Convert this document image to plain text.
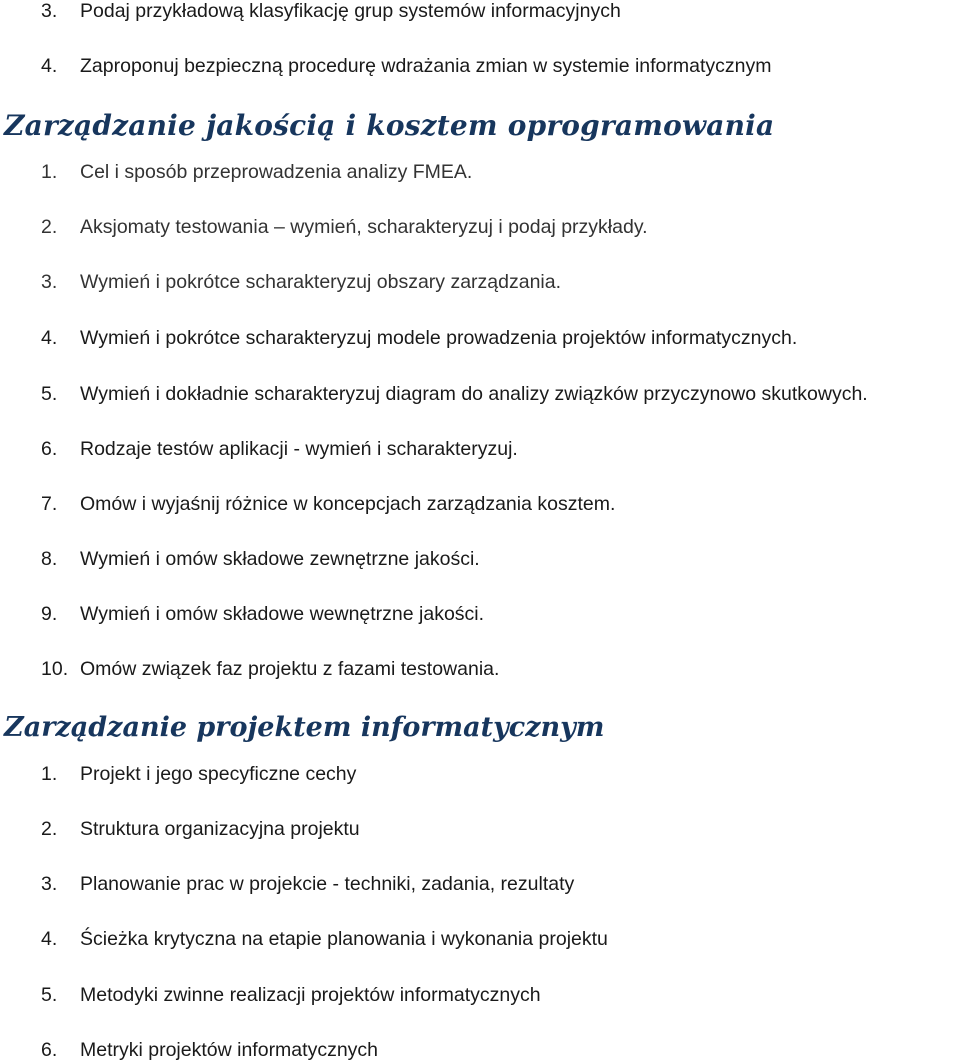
3. Podaj przykładową klasyfikację grup systemów informacyjnych
4. Zaproponuj bezpieczną procedurę wdrażania zmian w systemie informatycznym
Zarządzanie jakością i kosztem oprogramowania
1. Cel i sposób przeprowadzenia analizy FMEA.
2. Aksjomaty testowania – wymień, scharakteryzuj i podaj przykłady.
3. Wymień i pokrótce scharakteryzuj obszary zarządzania.
4. Wymień i pokrótce scharakteryzuj modele prowadzenia projektów informatycznych.
5. Wymień i dokładnie scharakteryzuj diagram do analizy związków przyczynowo skutkowych.
6. Rodzaje testów aplikacji - wymień i scharakteryzuj.
7. Omów i wyjaśnij różnice w koncepcjach zarządzania kosztem.
8. Wymień i omów składowe zewnętrzne jakości.
9. Wymień i omów składowe wewnętrzne jakości.
10. Omów związek faz projektu z fazami testowania.
Zarządzanie projektem informatycznym
1. Projekt i jego specyficzne cechy
2. Struktura organizacyjna projektu
3. Planowanie prac w projekcie - techniki, zadania, rezultaty
4. Ścieżka krytyczna na etapie planowania i wykonania projektu
5. Metodyki zwinne realizacji projektów informatycznych
6. Metryki projektów informatycznych
